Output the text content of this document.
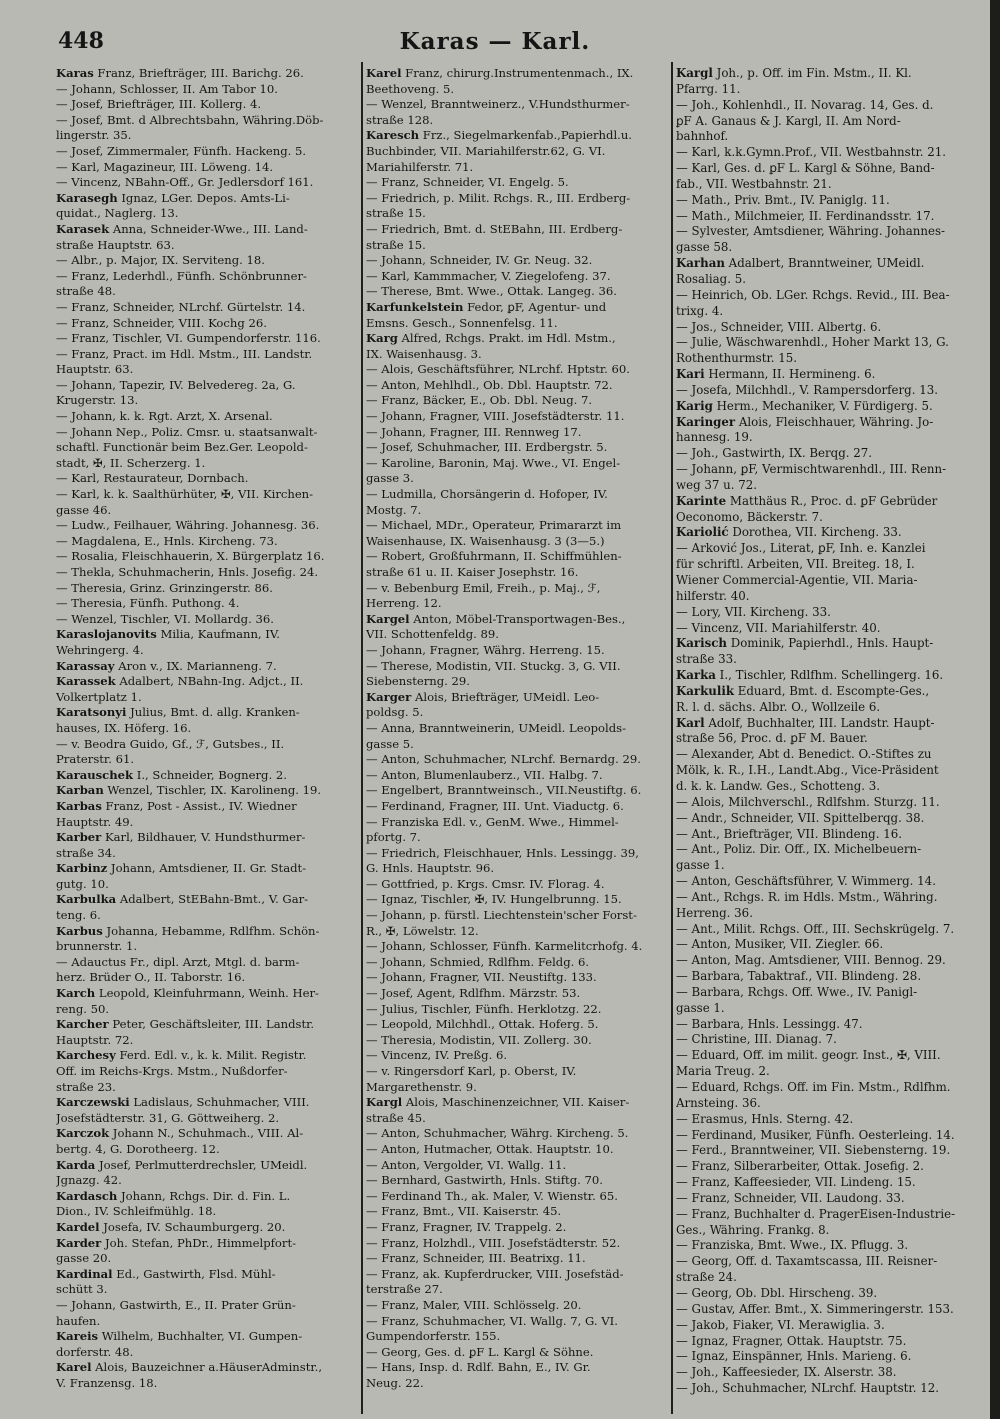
448	Karas — Karl.

Karas Franz, Briefträger, III. Barichg. 26.

— Johann, Schlosser, II. Am Tabor 10.

— Josef, Briefträger, III. Kollerg. 4.

— Josef, Bmt. d Albrechtsbahn, Währing.Döb-
lingerstr. 35.

— Josef, Zimmermaler, Fünfh. Hackeng. 5.

— Karl, Magazineur, III. Löweng. 14.

— Vincenz, NBahn-Off., Gr. Jedlersdorf 161.

Karasegh Ignaz, LGer. Depos. Amts-Li-
quidat., Naglerg. 13.

Karasek Anna, Schneider-Wwe., III. Land-
straße Hauptstr. 63.

— Albr., p. Major, IX. Serviteng. 18.

— Franz, Lederhdl., Fünfh. Schönbrunner-
straße 48.

— Franz, Schneider, NLrchf. Gürtelstr. 14.

— Franz, Schneider, VIII. Kochg 26.

— Franz, Tischler, VI. Gumpendorferstr. 116.

— Franz, Pract. im Hdl. Mstm., III. Landstr.
Hauptstr. 63.

— Johann, Tapezir, IV. Belvedereg. 2a, G.
Krugerstr. 13.

— Johann, k. k. Rgt. Arzt, X. Arsenal.

— Johann Nep., Poliz. Cmsr. u. staatsanwalt-
schaftl. Functionär beim Bez.Ger. Leopold-
stadt, ✠, II. Scherzerg. 1.

— Karl, Restaurateur, Dornbach.

— Karl, k. k. Saalthürhüter, ✠, VII. Kirchen-
gasse 46.

— Ludw., Feilhauer, Währing. Johannesg. 36.

— Magdalena, E., Hnls. Kircheng. 73.

— Rosalia, Fleischhauerin, X. Bürgerplatz 16.

— Thekla, Schuhmacherin, Hnls. Josefig. 24.

— Theresia, Grinz. Grinzingerstr. 86.

— Theresia, Fünfh. Puthong. 4.

— Wenzel, Tischler, VI. Mollardg. 36.

Karaslojanovits Milia, Kaufmann, IV.
Wehringerg. 4.

Karassay Aron v., IX. Marianneng. 7.

Karassek Adalbert, NBahn-Ing. Adjct., II.
Volkertplatz 1.

Karatsonyi Julius, Bmt. d. allg. Kranken-
hauses, IX. Höferg. 16.

— v. Beodra Guido, Gf., ℱ, Gutsbes., II.
Praterstr. 61.

Karauschek I., Schneider, Bognerg. 2.

Karban Wenzel, Tischler, IX. Karolineng. 19.

Karbas Franz, Post - Assist., IV. Wiedner
Hauptstr. 49.

Karber Karl, Bildhauer, V. Hundsthurmer-
straße 34.

Karbinz Johann, Amtsdiener, II. Gr. Stadt-
gutg. 10.

Karbulka Adalbert, StEBahn-Bmt., V. Gar-
teng. 6.

Karbus Johanna, Hebamme, Rdlfhm. Schön-
brunnerstr. 1.

— Adauctus Fr., dipl. Arzt, Mtgl. d. barm-
herz. Brüder O., II. Taborstr. 16.

Karch Leopold, Kleinfuhrmann, Weinh. Her-
reng. 50.

Karcher Peter, Geschäftsleiter, III. Landstr.
Hauptstr. 72.

Karchesy Ferd. Edl. v., k. k. Milit. Registr.
Off. im Reichs-Krgs. Mstm., Nußdorfer-
straße 23.

Karczewski Ladislaus, Schuhmacher, VIII.
Josefstädterstr. 31, G. Göttweiherg. 2.

Karczok Johann N., Schuhmach., VIII. Al-
bertg. 4, G. Dorotheerg. 12.

Karda Josef, Perlmutterdrechsler, UMeidl.
Jgnazg. 42.

Kardasch Johann, Rchgs. Dir. d. Fin. L.
Dion., IV. Schleifmühlg. 18.

Kardel Josefa, IV. Schaumburgerg. 20.

Karder Joh. Stefan, PhDr., Himmelpfort-
gasse 20.

Kardinal Ed., Gastwirth, Flsd. Mühl-
schütt 3.

— Johann, Gastwirth, E., II. Prater Grün-
haufen.

Kareis Wilhelm, Buchhalter, VI. Gumpen-
dorferstr. 48.

Karel Alois, Bauzeichner a.HäuserAdminstr.,
V. Franzensg. 18.

Karel Franz, chirurg.Instrumentenmach., IX.
Beethoveng. 5.

— Wenzel, Branntweinerz., V.Hundsthurmer-
straße 128.

Karesch Frz., Siegelmarkenfab.,Papierhdl.u.
Buchbinder, VII. Mariahilferstr.62, G. VI.
Mariahilferstr. 71.

— Franz, Schneider, VI. Engelg. 5.

— Friedrich, p. Milit. Rchgs. R., III. Erdberg-
straße 15.

— Friedrich, Bmt. d. StEBahn, III. Erdberg-
straße 15.

— Johann, Schneider, IV. Gr. Neug. 32.

— Karl, Kammmacher, V. Ziegelofeng. 37.

— Therese, Bmt. Wwe., Ottak. Langeg. 36.

Karfunkelstein Fedor, ꝑF, Agentur- und
Emsns. Gesch., Sonnenfelsg. 11.

Karg Alfred, Rchgs. Prakt. im Hdl. Mstm.,
IX. Waisenhausg. 3.

— Alois, Geschäftsführer, NLrchf. Hptstr. 60.

— Anton, Mehlhdl., Ob. Dbl. Hauptstr. 72.

— Franz, Bäcker, E., Ob. Dbl. Neug. 7.

— Johann, Fragner, VIII. Josefstädterstr. 11.

— Johann, Fragner, III. Rennweg 17.

— Josef, Schuhmacher, III. Erdbergstr. 5.

— Karoline, Baronin, Maj. Wwe., VI. Engel-
gasse 3.

— Ludmilla, Chorsängerin d. Hofoper, IV.
Mostg. 7.

— Michael, MDr., Operateur, Primararzt im
Waisenhause, IX. Waisenhausg. 3 (3—5.)

— Robert, Großfuhrmann, II. Schiffmühlen-
straße 61 u. II. Kaiser Josephstr. 16.

— v. Bebenburg Emil, Freih., p. Maj., ℱ,
Herreng. 12.

Kargel Anton, Möbel-Transportwagen-Bes.,
VII. Schottenfeldg. 89.

— Johann, Fragner, Währg. Herreng. 15.

— Therese, Modistin, VII. Stuckg. 3, G. VII.
Siebensterng. 29.

Karger Alois, Briefträger, UMeidl. Leo-
poldsg. 5.

— Anna, Branntweinerin, UMeidl. Leopolds-
gasse 5.

— Anton, Schuhmacher, NLrchf. Bernardg. 29.

— Anton, Blumenlauberz., VII. Halbg. 7.

— Engelbert, Branntweinsch., VII.Neustiftg. 6.

— Ferdinand, Fragner, III. Unt. Viaductg. 6.

— Franziska Edl. v., GenM. Wwe., Himmel-
pfortg. 7.

— Friedrich, Fleischhauer, Hnls. Lessingg. 39,
G. Hnls. Hauptstr. 96.

— Gottfried, p. Krgs. Cmsr. IV. Florag. 4.

— Ignaz, Tischler, ✠, IV. Hungelbrunng. 15.

— Johann, p. fürstl. Liechtenstein'scher Forst-
R., ✠, Löwelstr. 12.

— Johann, Schlosser, Fünfh. Karmelitcrhofg. 4.

— Johann, Schmied, Rdlfhm. Feldg. 6.

— Johann, Fragner, VII. Neustiftg. 133.

— Josef, Agent, Rdlfhm. Märzstr. 53.

— Julius, Tischler, Fünfh. Herklotzg. 22.

— Leopold, Milchhdl., Ottak. Hoferg. 5.

— Theresia, Modistin, VII. Zollerg. 30.

— Vincenz, IV. Preßg. 6.

— v. Ringersdorf Karl, p. Oberst, IV.
Margarethenstr. 9.

Kargl Alois, Maschinenzeichner, VII. Kaiser-
straße 45.

— Anton, Schuhmacher, Währg. Kircheng. 5.

— Anton, Hutmacher, Ottak. Hauptstr. 10.

— Anton, Vergolder, VI. Wallg. 11.

— Bernhard, Gastwirth, Hnls. Stiftg. 70.

— Ferdinand Th., ak. Maler, V. Wienstr. 65.

— Franz, Bmt., VII. Kaiserstr. 45.

— Franz, Fragner, IV. Trappelg. 2.

— Franz, Holzhdl., VIII. Josefstädterstr. 52.

— Franz, Schneider, III. Beatrixg. 11.

— Franz, ak. Kupferdrucker, VIII. Josefstäd-
terstraße 27.

— Franz, Maler, VIII. Schlösselg. 20.

— Franz, Schuhmacher, VI. Wallg. 7, G. VI.
Gumpendorferstr. 155.

— Georg, Ges. d. ꝑF L. Kargl & Söhne.

— Hans, Insp. d. Rdlf. Bahn, E., IV. Gr.
Neug. 22.

Kargl Joh., p. Off. im Fin. Mstm., II. Kl.
Pfarrg. 11.

— Joh., Kohlenhdl., II. Novarag. 14, Ges. d.
ꝑF A. Ganaus & J. Kargl, II. Am Nord-
bahnhof.

— Karl, k.k.Gymn.Prof., VII. Westbahnstr. 21.

— Karl, Ges. d. ꝑF L. Kargl & Söhne, Band-
fab., VII. Westbahnstr. 21.

— Math., Priv. Bmt., IV. Paniglg. 11.

— Math., Milchmeier, II. Ferdinandsstr. 17.

— Sylvester, Amtsdiener, Währing. Johannes-
gasse 58.

Karhan Adalbert, Branntweiner, UMeidl.
Rosaliag. 5.

— Heinrich, Ob. LGer. Rchgs. Revid., III. Bea-
trixg. 4.

— Jos., Schneider, VIII. Albertg. 6.

— Julie, Wäschwarenhdl., Hoher Markt 13, G.
Rothenthurmstr. 15.

Kari Hermann, II. Hermineng. 6.

— Josefa, Milchhdl., V. Rampersdorferg. 13.

Karig Herm., Mechaniker, V. Fürdigerg. 5.

Karinger Alois, Fleischhauer, Währing. Jo-
hannesg. 19.

— Joh., Gastwirth, IX. Berqg. 27.

— Johann, ꝑF, Vermischtwarenhdl., III. Renn-
weg 37 u. 72.

Karinte Matthäus R., Proc. d. ꝑF Gebrüder
Oeconomo, Bäckerstr. 7.

Kariolić Dorothea, VII. Kircheng. 33.

— Arković Jos., Literat, ꝑF, Inh. e. Kanzlei
für schriftl. Arbeiten, VII. Breiteg. 18, I.
Wiener Commercial-Agentie, VII. Maria-
hilferstr. 40.

— Lory, VII. Kircheng. 33.

— Vincenz, VII. Mariahilferstr. 40.

Karisch Dominik, Papierhdl., Hnls. Haupt-
straße 33.

Karka I., Tischler, Rdlfhm. Schellingerg. 16.

Karkulik Eduard, Bmt. d. Escompte-Ges.,
R. l. d. sächs. Albr. O., Wollzeile 6.

Karl Adolf, Buchhalter, III. Landstr. Haupt-
straße 56, Proc. d. ꝑF M. Bauer.

— Alexander, Abt d. Benedict. O.-Stiftes zu
Mölk, k. R., I.H., Landt.Abg., Vice-Präsident
d. k. k. Landw. Ges., Schotteng. 3.

— Alois, Milchverschl., Rdlfshm. Sturzg. 11.

— Andr., Schneider, VII. Spittelberqg. 38.

— Ant., Briefträger, VII. Blindeng. 16.

— Ant., Poliz. Dir. Off., IX. Michelbeuern-
gasse 1.

— Anton, Geschäftsführer, V. Wimmerg. 14.

— Ant., Rchgs. R. im Hdls. Mstm., Währing.
Herreng. 36.

— Ant., Milit. Rchgs. Off., III. Sechskrügelg. 7.

— Anton, Musiker, VII. Ziegler. 66.

— Anton, Mag. Amtsdiener, VIII. Bennog. 29.

— Barbara, Tabaktraf., VII. Blindeng. 28.

— Barbara, Rchgs. Off. Wwe., IV. Panigl-
gasse 1.

— Barbara, Hnls. Lessingg. 47.

— Christine, III. Dianag. 7.

— Eduard, Off. im milit. geogr. Inst., ✠, VIII.
Maria Treug. 2.

— Eduard, Rchgs. Off. im Fin. Mstm., Rdlfhm.
Arnsteing. 36.

— Erasmus, Hnls. Sterng. 42.

— Ferdinand, Musiker, Fünfh. Oesterleing. 14.

— Ferd., Branntweiner, VII. Siebensterng. 19.

— Franz, Silberarbeiter, Ottak. Josefig. 2.

— Franz, Kaffeesieder, VII. Lindeng. 15.

— Franz, Schneider, VII. Laudong. 33.

— Franz, Buchhalter d. PragerEisen-Industrie-
Ges., Währing. Frankg. 8.

— Franziska, Bmt. Wwe., IX. Pflugg. 3.

— Georg, Off. d. Taxamtscassa, III. Reisner-
straße 24.

— Georg, Ob. Dbl. Hirscheng. 39.

— Gustav, Affer. Bmt., X. Simmeringerstr. 153.

— Jakob, Fiaker, VI. Merawiglia. 3.

— Ignaz, Fragner, Ottak. Hauptstr. 75.

— Ignaz, Einspänner, Hnls. Marieng. 6.

— Joh., Kaffeesieder, IX. Alserstr. 38.

— Joh., Schuhmacher, NLrchf. Hauptstr. 12.
